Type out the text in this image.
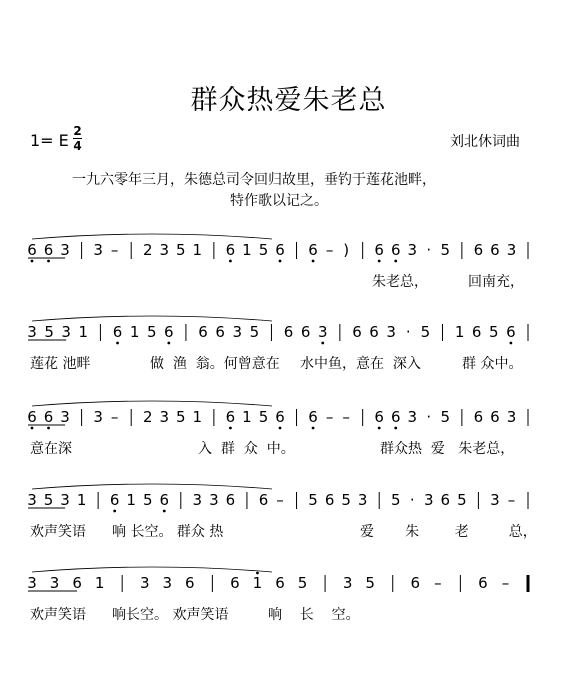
群众热爱朱老总
1= E 2
4	刘北休词曲
一九六零年三月，朱德总司令回归故里，垂钓于莲花池畔，
特作歌以记之。
6 6 3 3 – 2 3 5 1 6 1 5 6 6 – ) 6 6 3 · 5 6 6 3
3 5 3 1 6 1 5 6 6 6 3 5 6 6 3 6 6 3 · 5 1 6 5 6
6 6 3 3 – 2 3 5 1 6 1 5 6 6 – – 6 6 3 · 5 6 6 3
3 5 3 1 6 1 5 6 3 3 6 6 – 5 6 5 3 5 · 3 6 5 3 –
3 3 6 1 3 3 6 6 1 6 5 3 5 6 – 6 –
朱老总，	回南充，
莲花 池畔	做  渔  翁。何曾意在 水中鱼，意在  深入	群 众中。
意在深	入  群  众  中。	群众热  爱   朱老总，
欢声笑语 响 长空。 群众 热	爱       朱        老         总，
欢声笑语 响长空。 欢声笑语	响    长    空。
